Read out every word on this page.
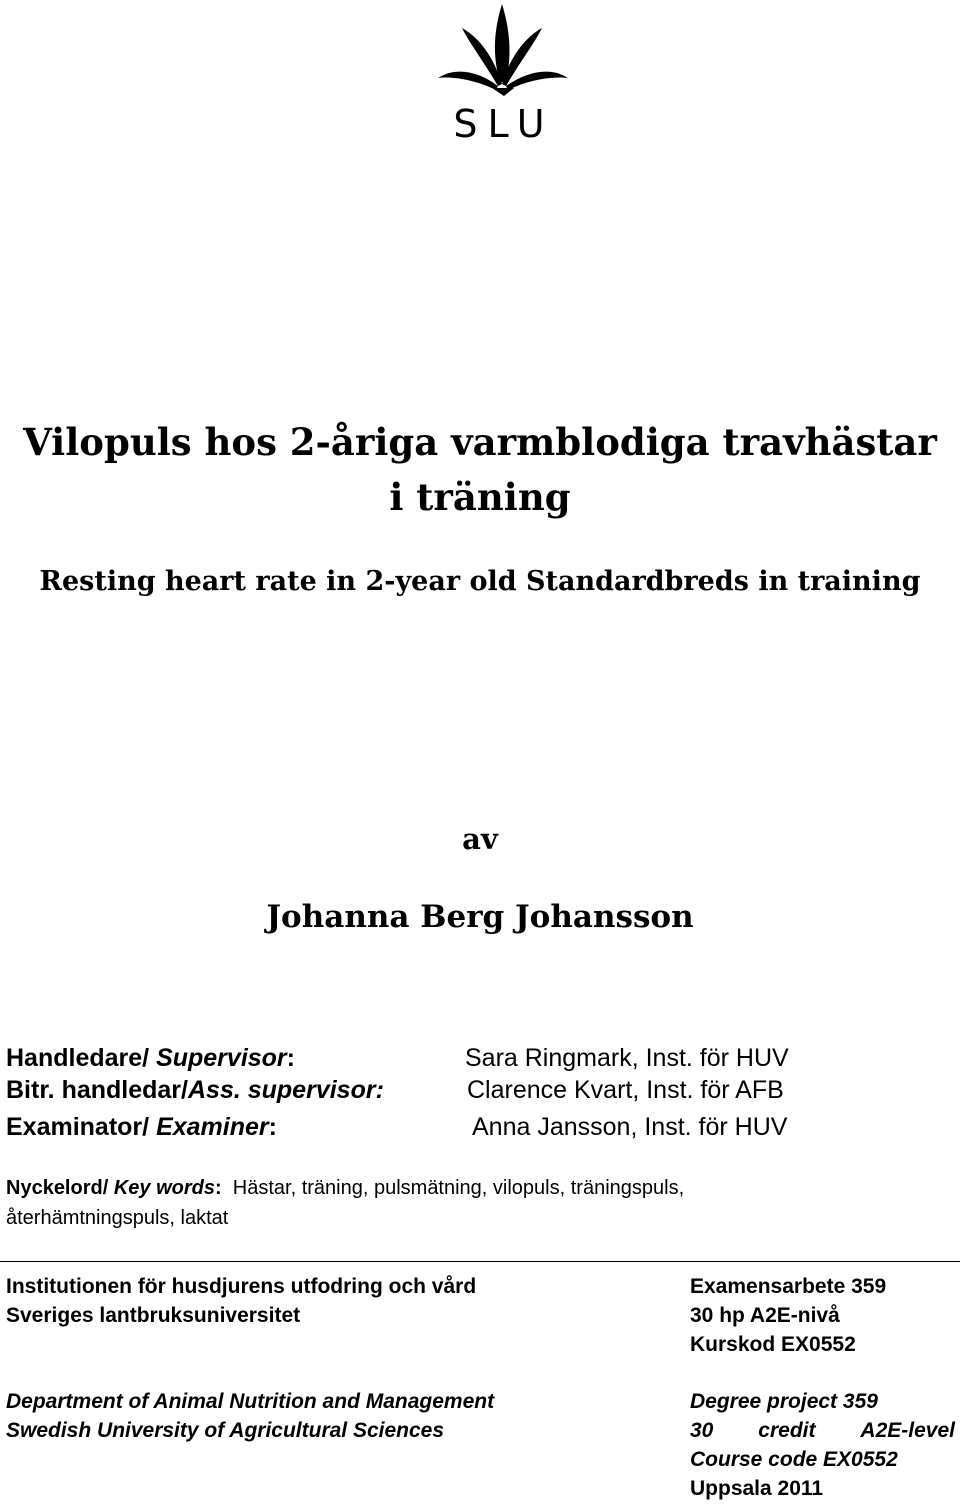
SLU
Vilopuls hos 2-åriga varmblodiga travhästar
i träning
Resting heart rate in 2-year old Standardbreds in training
av
Johanna Berg Johansson
Handledare/ Supervisor:	Sara Ringmark, Inst. för HUV
Bitr. handledar/Ass. supervisor:	Clarence Kvart, Inst. för AFB
Examinator/ Examiner:	Anna Jansson, Inst. för HUV
Nyckelord/ Key words: Hästar, träning, pulsmätning, vilopuls, träningspuls,
återhämtningspuls, laktat
Institutionen för husdjurens utfodring och vård
Sveriges lantbruksuniversitet
Examensarbete 359
30 hp A2E-nivå
Kurskod EX0552
Department of Animal Nutrition and Management
Swedish University of Agricultural Sciences
Degree project 359
30 credit A2E-level
Course code EX0552
Uppsala 2011
